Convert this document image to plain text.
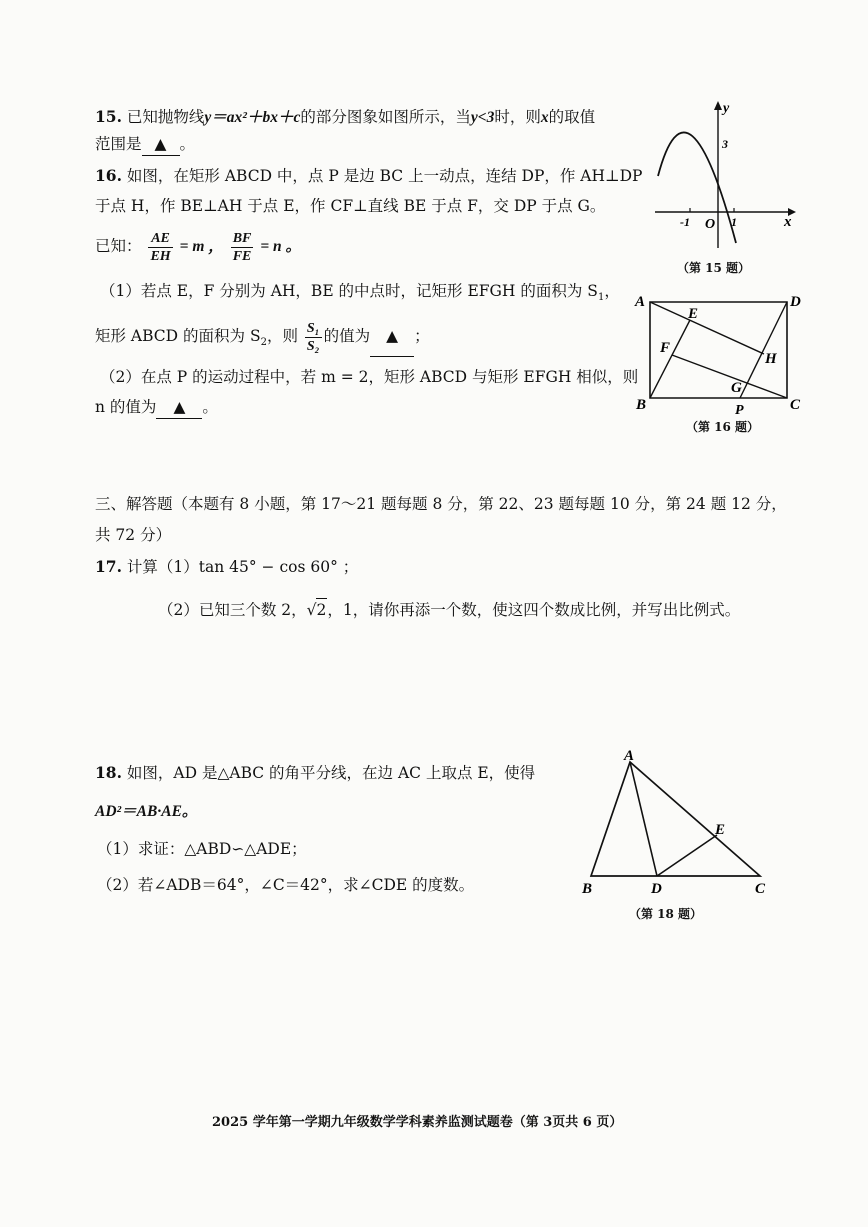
15. 已知抛物线y＝ax²＋bx＋c的部分图象如图所示，当y<3时，则x的取值
范围是 ▲ 。
y
x
3
-1 O 1
（第 15 题）
16. 如图，在矩形 ABCD 中，点 P 是边 BC 上一动点，连结 DP，作 AH⊥DP
于点 H，作 BE⊥AH 于点 E，作 CF⊥直线 BE 于点 F，交 DP 于点 G。
已知： $\frac{AE}{EH} = m$ ， $\frac{BF}{FE} = n$ 。
（1）若点 E，F 分别为 AH，BE 的中点时，记矩形 EFGH 的面积为 $S_1$，
矩形 ABCD 的面积为 $S_2$，则 $\frac{\text{S₁}}{\text{S₂}}$ 的值为 ▲ ；
（2）在点 P 的运动过程中，若 m = 2，矩形 ABCD 与矩形 EFGH 相似，则
n 的值为 ▲ 。
A	D
B	C
E
F
G
H
P
（第 16 题）
三、解答题（本题有 8 小题，第 17～21 题每题 8 分，第 22、23 题每题 10 分，第 24 题 12 分，
共 72 分）
17. 计算（1）tan 45° − cos 60° ；
（2）已知三个数 2，√2，1，请你再添一个数，使这四个数成比例，并写出比例式。
18. 如图，AD 是△ABC 的角平分线，在边 AC 上取点 E，使得
AD²＝AB·AE。
（1）求证：△ABD∽△ADE；
（2）若∠ADB＝64°，∠C＝42°，求∠CDE 的度数。
A
B	D	C
E
（第 18 题）
2025 学年第一学期九年级数学学科素养监测试题卷（第 3页共 6 页）
